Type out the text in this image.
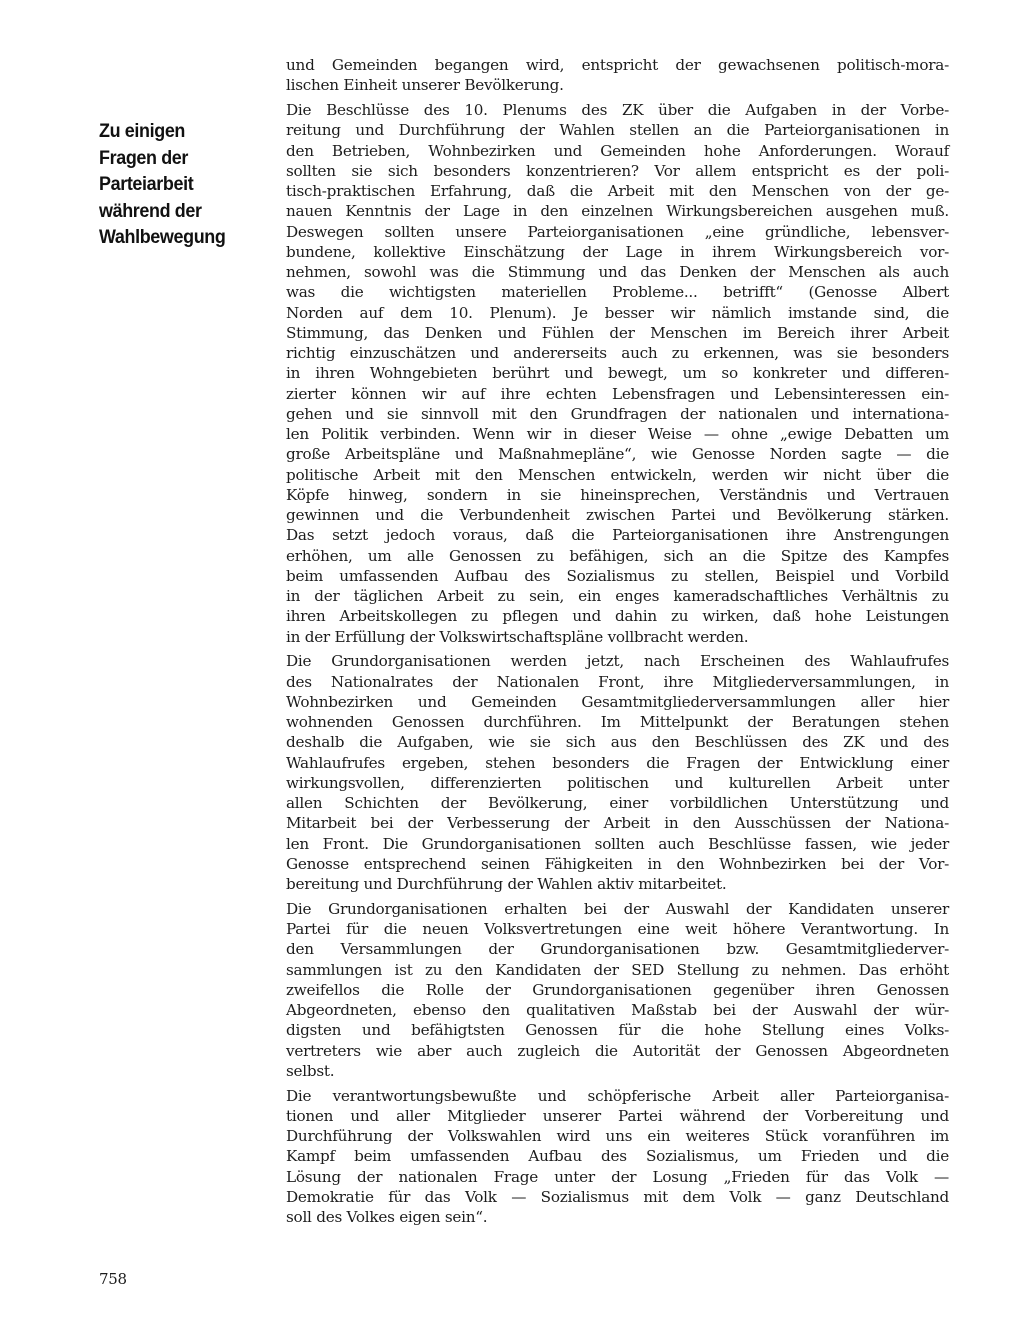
Zu einigen
Fragen der
Parteiarbeit
während der
Wahlbewegung
und Gemeinden begangen wird, entspricht der gewachsenen politisch-mora-
lischen Einheit unserer Bevölkerung.
Die Beschlüsse des 10. Plenums des ZK über die Aufgaben in der Vorbe-
reitung und Durchführung der Wahlen stellen an die Parteiorganisationen in
den Betrieben, Wohnbezirken und Gemeinden hohe Anforderungen. Worauf
sollten sie sich besonders konzentrieren? Vor allem entspricht es der poli-
tisch-praktischen Erfahrung, daß die Arbeit mit den Menschen von der ge-
nauen Kenntnis der Lage in den einzelnen Wirkungsbereichen ausgehen muß.
Deswegen sollten unsere Parteiorganisationen „eine gründliche, lebensver-
bundene, kollektive Einschätzung der Lage in ihrem Wirkungsbereich vor-
nehmen, sowohl was die Stimmung und das Denken der Menschen als auch
was die wichtigsten materiellen Probleme... betrifft“ (Genosse Albert
Norden auf dem 10. Plenum). Je besser wir nämlich imstande sind, die
Stimmung, das Denken und Fühlen der Menschen im Bereich ihrer Arbeit
richtig einzuschätzen und andererseits auch zu erkennen, was sie besonders
in ihren Wohngebieten berührt und bewegt, um so konkreter und differen-
zierter können wir auf ihre echten Lebensfragen und Lebensinteressen ein-
gehen und sie sinnvoll mit den Grundfragen der nationalen und internationa-
len Politik verbinden. Wenn wir in dieser Weise — ohne „ewige Debatten um
große Arbeitspläne und Maßnahmepläne“, wie Genosse Norden sagte — die
politische Arbeit mit den Menschen entwickeln, werden wir nicht über die
Köpfe hinweg, sondern in sie hineinsprechen, Verständnis und Vertrauen
gewinnen und die Verbundenheit zwischen Partei und Bevölkerung stärken.
Das setzt jedoch voraus, daß die Parteiorganisationen ihre Anstrengungen
erhöhen, um alle Genossen zu befähigen, sich an die Spitze des Kampfes
beim umfassenden Aufbau des Sozialismus zu stellen, Beispiel und Vorbild
in der täglichen Arbeit zu sein, ein enges kameradschaftliches Verhältnis zu
ihren Arbeitskollegen zu pflegen und dahin zu wirken, daß hohe Leistungen
in der Erfüllung der Volkswirtschaftspläne vollbracht werden.
Die Grundorganisationen werden jetzt, nach Erscheinen des Wahlaufrufes
des Nationalrates der Nationalen Front, ihre Mitgliederversammlungen, in
Wohnbezirken und Gemeinden Gesamtmitgliederversammlungen aller hier
wohnenden Genossen durchführen. Im Mittelpunkt der Beratungen stehen
deshalb die Aufgaben, wie sie sich aus den Beschlüssen des ZK und des
Wahlaufrufes ergeben, stehen besonders die Fragen der Entwicklung einer
wirkungsvollen, differenzierten politischen und kulturellen Arbeit unter
allen Schichten der Bevölkerung, einer vorbildlichen Unterstützung und
Mitarbeit bei der Verbesserung der Arbeit in den Ausschüssen der Nationa-
len Front. Die Grundorganisationen sollten auch Beschlüsse fassen, wie jeder
Genosse entsprechend seinen Fähigkeiten in den Wohnbezirken bei der Vor-
bereitung und Durchführung der Wahlen aktiv mitarbeitet.
Die Grundorganisationen erhalten bei der Auswahl der Kandidaten unserer
Partei für die neuen Volksvertretungen eine weit höhere Verantwortung. In
den Versammlungen der Grundorganisationen bzw. Gesamtmitgliederver-
sammlungen ist zu den Kandidaten der SED Stellung zu nehmen. Das erhöht
zweifellos die Rolle der Grundorganisationen gegenüber ihren Genossen
Abgeordneten, ebenso den qualitativen Maßstab bei der Auswahl der wür-
digsten und befähigtsten Genossen für die hohe Stellung eines Volks-
vertreters wie aber auch zugleich die Autorität der Genossen Abgeordneten
selbst.
Die verantwortungsbewußte und schöpferische Arbeit aller Parteiorganisa-
tionen und aller Mitglieder unserer Partei während der Vorbereitung und
Durchführung der Volkswahlen wird uns ein weiteres Stück voranführen im
Kampf beim umfassenden Aufbau des Sozialismus, um Frieden und die
Lösung der nationalen Frage unter der Losung „Frieden für das Volk —
Demokratie für das Volk — Sozialismus mit dem Volk — ganz Deutschland
soll des Volkes eigen sein“.
758
